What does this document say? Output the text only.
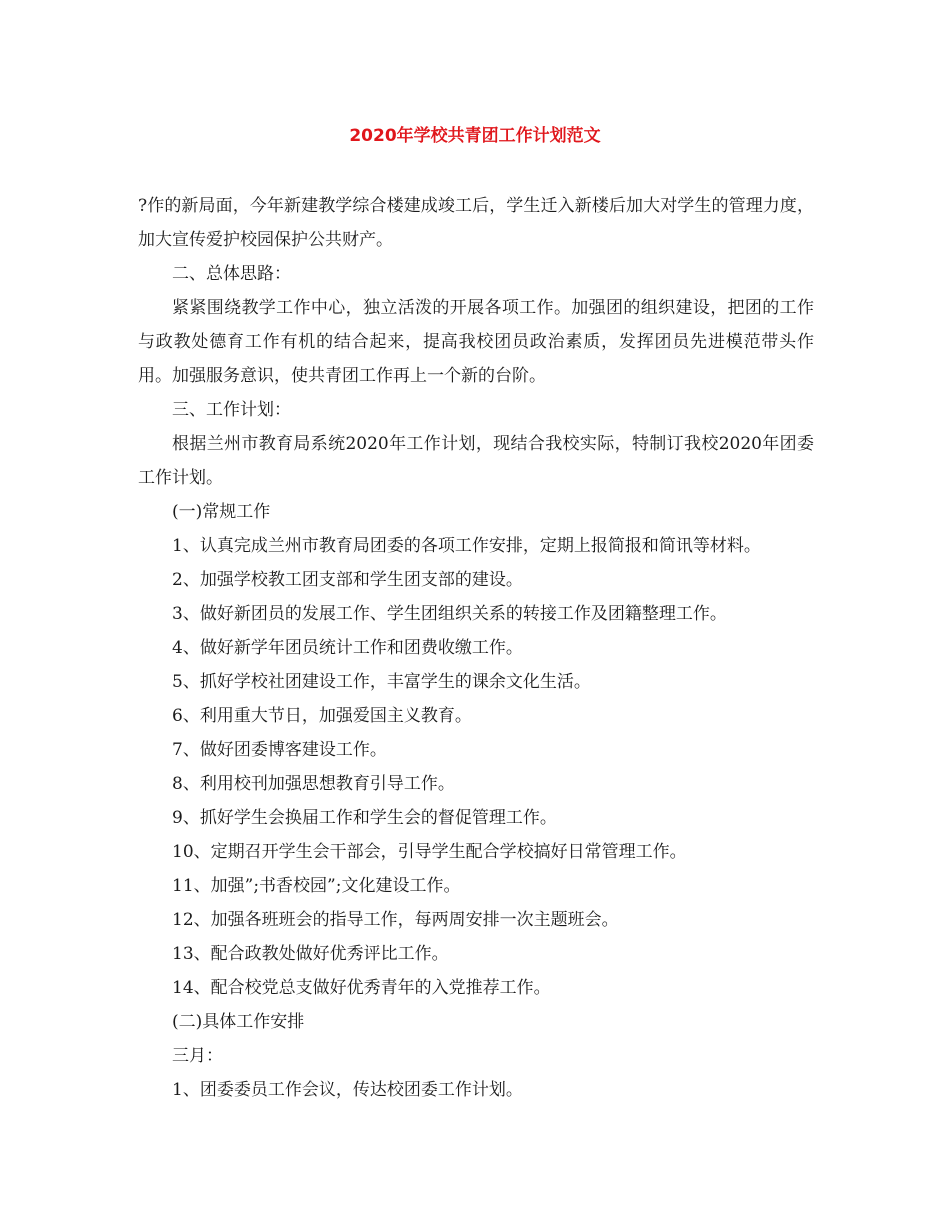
2020年学校共青团工作计划范文

?作的新局面，今年新建教学综合楼建成竣工后，学生迁入新楼后加大对学生的管理力度，加大宣传爱护校园保护公共财产。

二、总体思路：

紧紧围绕教学工作中心，独立活泼的开展各项工作。加强团的组织建设，把团的工作与政教处德育工作有机的结合起来，提高我校团员政治素质，发挥团员先进模范带头作用。加强服务意识，使共青团工作再上一个新的台阶。

三、工作计划：

根据兰州市教育局系统2020年工作计划，现结合我校实际，特制订我校2020年团委工作计划。

(一)常规工作

1、认真完成兰州市教育局团委的各项工作安排，定期上报简报和简讯等材料。

2、加强学校教工团支部和学生团支部的建设。

3、做好新团员的发展工作、学生团组织关系的转接工作及团籍整理工作。

4、做好新学年团员统计工作和团费收缴工作。

5、抓好学校社团建设工作，丰富学生的课余文化生活。

6、利用重大节日，加强爱国主义教育。

7、做好团委博客建设工作。

8、利用校刊加强思想教育引导工作。

9、抓好学生会换届工作和学生会的督促管理工作。

10、定期召开学生会干部会，引导学生配合学校搞好日常管理工作。

11、加强”;书香校园”;文化建设工作。

12、加强各班班会的指导工作，每两周安排一次主题班会。

13、配合政教处做好优秀评比工作。

14、配合校党总支做好优秀青年的入党推荐工作。

(二)具体工作安排

三月：

1、团委委员工作会议，传达校团委工作计划。
